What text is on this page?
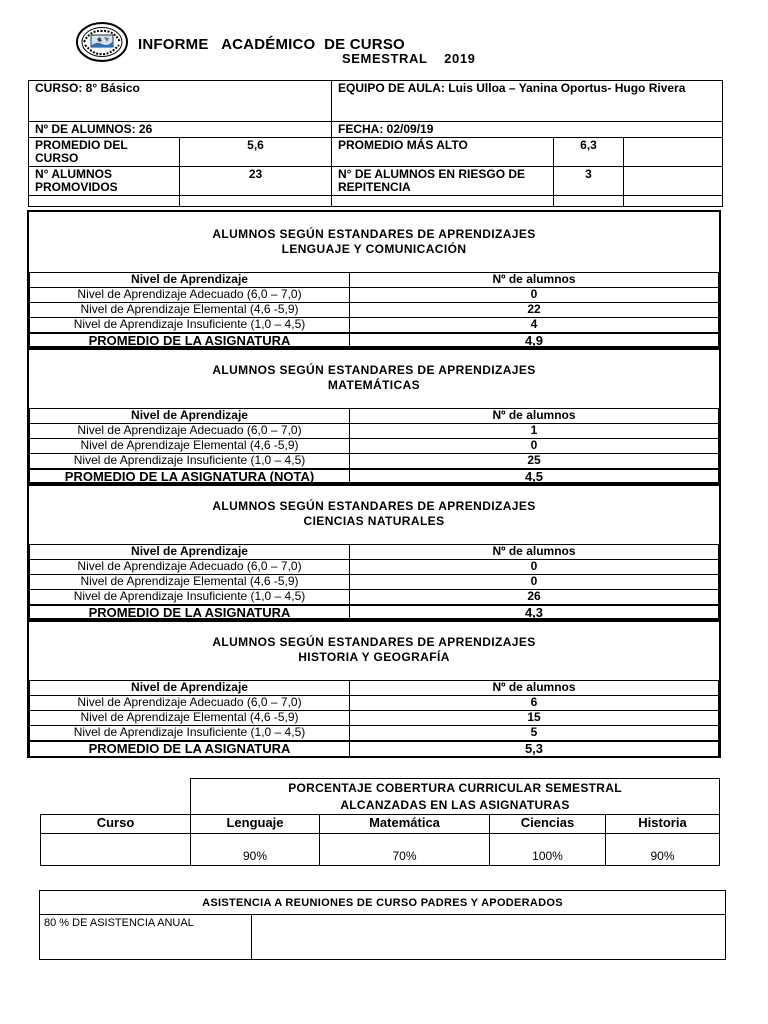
INFORME   ACADÉMICO  DE CURSO
SEMESTRAL    2019
CURSO: 8° Básico		EQUIPO DE AULA: Luis Ulloa – Yanina Oportus- Hugo Rivera		
Nº DE ALUMNOS: 26		FECHA: 02/09/19		
PROMEDIO DEL CURSO	5,6	PROMEDIO MÁS ALTO	6,3	
N° ALUMNOS PROMOVIDOS	23	N° DE ALUMNOS EN RIESGO DE REPITENCIA	3	

ALUMNOS SEGÚN ESTANDARES DE APRENDIZAJES
LENGUAJE Y COMUNICACIÓN
Nivel de Aprendizaje	Nº de alumnos
Nivel de Aprendizaje Adecuado (6,0 – 7,0)	0
Nivel de Aprendizaje Elemental (4,6 -5,9)	22
Nivel de Aprendizaje Insuficiente (1,0 – 4,5)	4
PROMEDIO DE LA ASIGNATURA	4,9
ALUMNOS SEGÚN ESTANDARES DE APRENDIZAJES
MATEMÁTICAS
Nivel de Aprendizaje	Nº de alumnos
Nivel de Aprendizaje Adecuado (6,0 – 7,0)	1
Nivel de Aprendizaje Elemental (4,6 -5,9)	0
Nivel de Aprendizaje Insuficiente (1,0 – 4,5)	25
PROMEDIO DE LA ASIGNATURA (NOTA)	4,5
ALUMNOS SEGÚN ESTANDARES DE APRENDIZAJES
CIENCIAS NATURALES
Nivel de Aprendizaje	Nº de alumnos
Nivel de Aprendizaje Adecuado (6,0 – 7,0)	0
Nivel de Aprendizaje Elemental (4,6 -5,9)	0
Nivel de Aprendizaje Insuficiente (1,0 – 4,5)	26
PROMEDIO DE LA ASIGNATURA	4,3
ALUMNOS SEGÚN ESTANDARES DE APRENDIZAJES
HISTORIA Y GEOGRAFÍA
Nivel de Aprendizaje	Nº de alumnos
Nivel de Aprendizaje Adecuado (6,0 – 7,0)	6
Nivel de Aprendizaje Elemental (4,6 -5,9)	15
Nivel de Aprendizaje Insuficiente (1,0 – 4,5)	5
PROMEDIO DE LA ASIGNATURA	5,3

	PORCENTAJE COBERTURA CURRICULAR SEMESTRAL
ALCANZADAS EN LAS ASIGNATURAS			

Curso	Lenguaje	Matemática	Ciencias	Historia
	90%	70%	100%	90%
ASISTENCIA A REUNIONES DE CURSO PADRES Y APODERADOS
80 % DE ASISTENCIA ANUAL	
